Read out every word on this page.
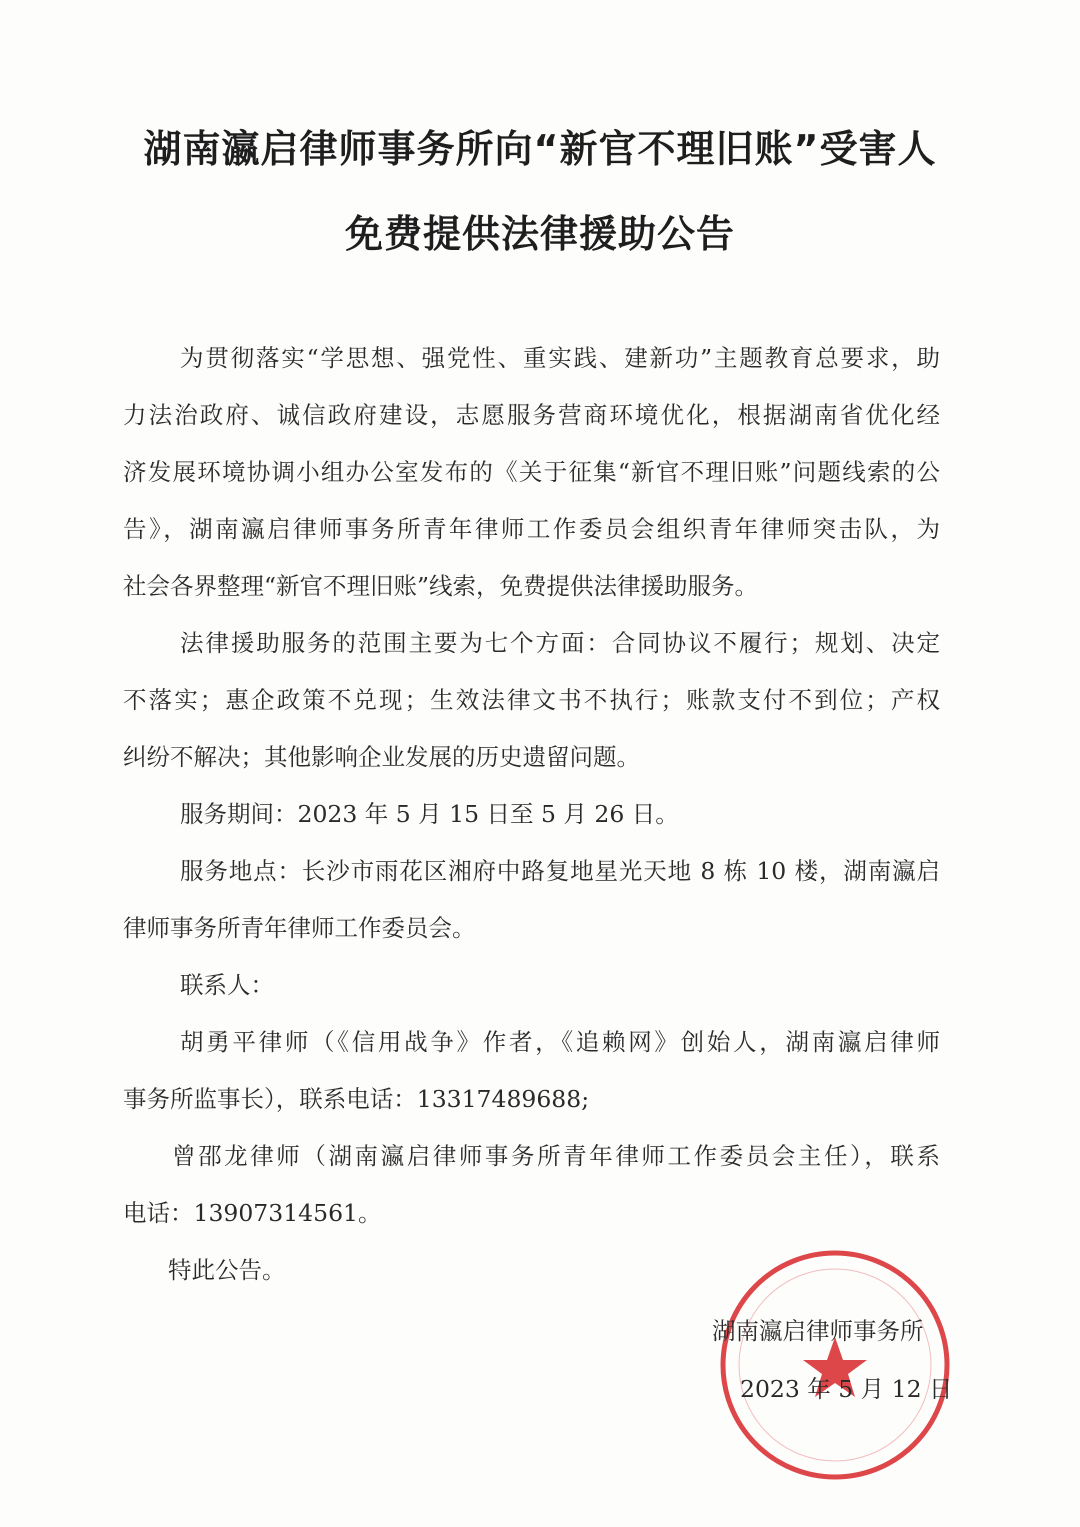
湖南瀛启律师事务所向“新官不理旧账”受害人
免费提供法律援助公告
为贯彻落实“学思想、强党性、重实践、建新功”主题教育总要求，助
力法治政府、诚信政府建设，志愿服务营商环境优化，根据湖南省优化经
济发展环境协调小组办公室发布的《关于征集“新官不理旧账”问题线索的公
告》，湖南瀛启律师事务所青年律师工作委员会组织青年律师突击队，为
社会各界整理“新官不理旧账”线索，免费提供法律援助服务。
法律援助服务的范围主要为七个方面：合同协议不履行；规划、决定
不落实；惠企政策不兑现；生效法律文书不执行；账款支付不到位；产权
纠纷不解决；其他影响企业发展的历史遗留问题。
服务期间：2023 年 5 月 15 日至 5 月 26 日。
服务地点：长沙市雨花区湘府中路复地星光天地 8 栋 10 楼，湖南瀛启
律师事务所青年律师工作委员会。
联系人：
胡勇平律师（《信用战争》作者，《追赖网》创始人，湖南瀛启律师
事务所监事长），联系电话：13317489688;
曾邵龙律师（湖南瀛启律师事务所青年律师工作委员会主任），联系
电话：13907314561。
特此公告。
湖南瀛启律师事务所
2023 年 5 月 12 日
